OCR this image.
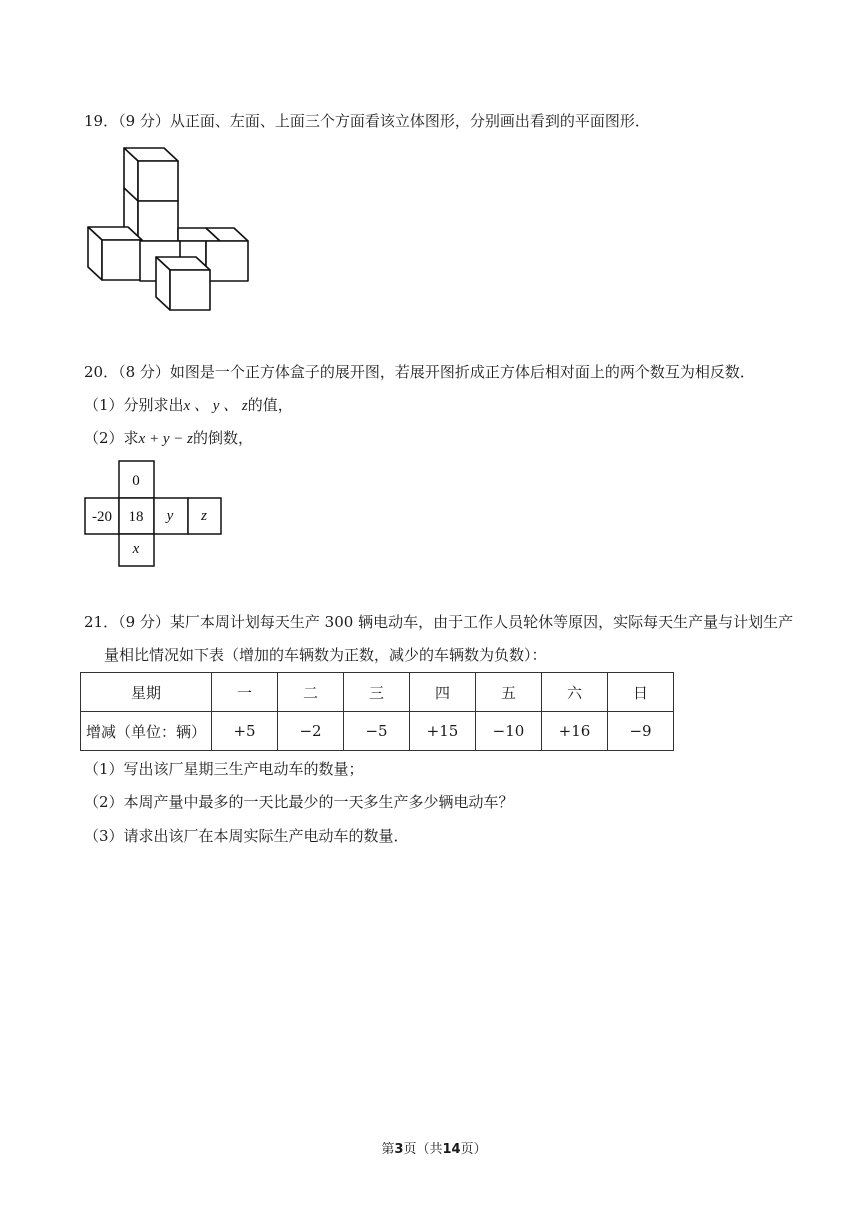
19．（9 分）从正面、左面、上面三个方面看该立体图形，分别画出看到的平面图形．
20．（8 分）如图是一个正方体盒子的展开图，若展开图折成正方体后相对面上的两个数互为相反数．
（1）分别求出x 、 y 、 z的值，
（2）求x + y − z的倒数，
0
-20 18 y z
x
21．（9 分）某厂本周计划每天生产 300 辆电动车，由于工作人员轮休等原因，实际每天生产量与计划生产
量相比情况如下表（增加的车辆数为正数，减少的车辆数为负数）：
星期	一	二	三	四	五	六	日
增减（单位：辆）	+5	−2	−5	+15	−10	+16	−9
（1）写出该厂星期三生产电动车的数量；
（2）本周产量中最多的一天比最少的一天多生产多少辆电动车？
（3）请求出该厂在本周实际生产电动车的数量．
第3页（共14页）
